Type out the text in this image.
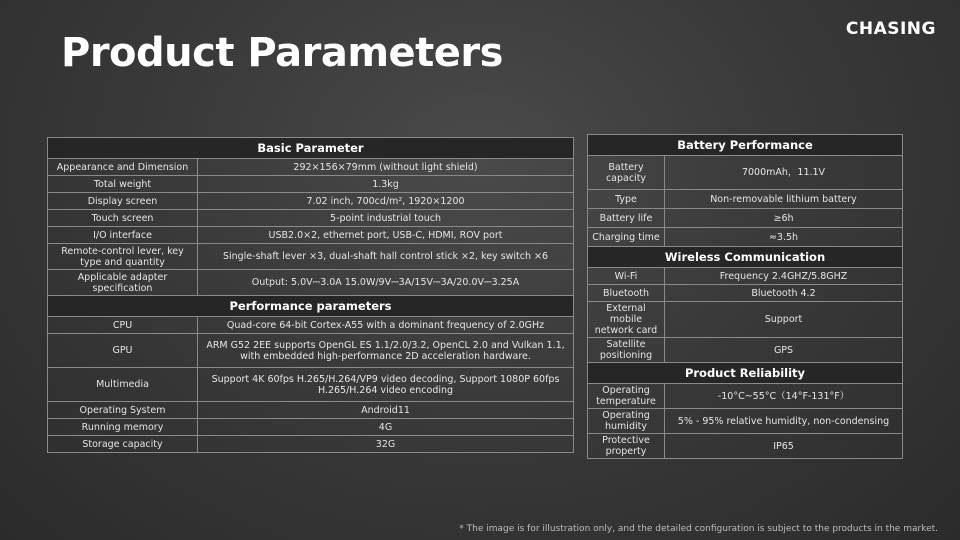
CHASING
Product Parameters
Basic Parameter	
Appearance and Dimension	292×156×79mm (without light shield)
Total weight	1.3kg
Display screen	7.02 inch, 700cd/m², 1920×1200
Touch screen	5-point industrial touch
I/O interface	USB2.0×2, ethernet port, USB-C, HDMI, ROV port
Remote-control lever, key type and quantity	Single-shaft lever ×3, dual-shaft hall control stick ×2, key switch ×6
Applicable adapter specification	Output: 5.0V⎓3.0A 15.0W/9V⎓3A/15V⎓3A/20.0V⎓3.25A
Performance parameters	
CPU	Quad-core 64-bit Cortex-A55 with a dominant frequency of 2.0GHz
GPU	ARM G52 2EE supports OpenGL ES 1.1/2.0/3.2, OpenCL 2.0 and Vulkan 1.1, with embedded high-performance 2D acceleration hardware.
Multimedia	Support 4K 60fps H.265/H.264/VP9 video decoding, Support 1080P 60fps H.265/H.264 video encoding
Operating System	Android11
Running memory	4G
Storage capacity	32G
Battery Performance	
Battery capacity	7000mAh，11.1V
Type	Non-removable lithium battery
Battery life	≥6h
Charging time	≈3.5h
Wireless Communication	
Wi-Fi	Frequency 2.4GHZ/5.8GHZ
Bluetooth	Bluetooth 4.2
External mobile network card	Support
Satellite positioning	GPS
Product Reliability	
Operating temperature	-10°C~55°C（14°F-131°F）
Operating humidity	5% - 95% relative humidity, non-condensing
Protective property	IP65
* The image is for illustration only, and the detailed configuration is subject to the products in the market.
